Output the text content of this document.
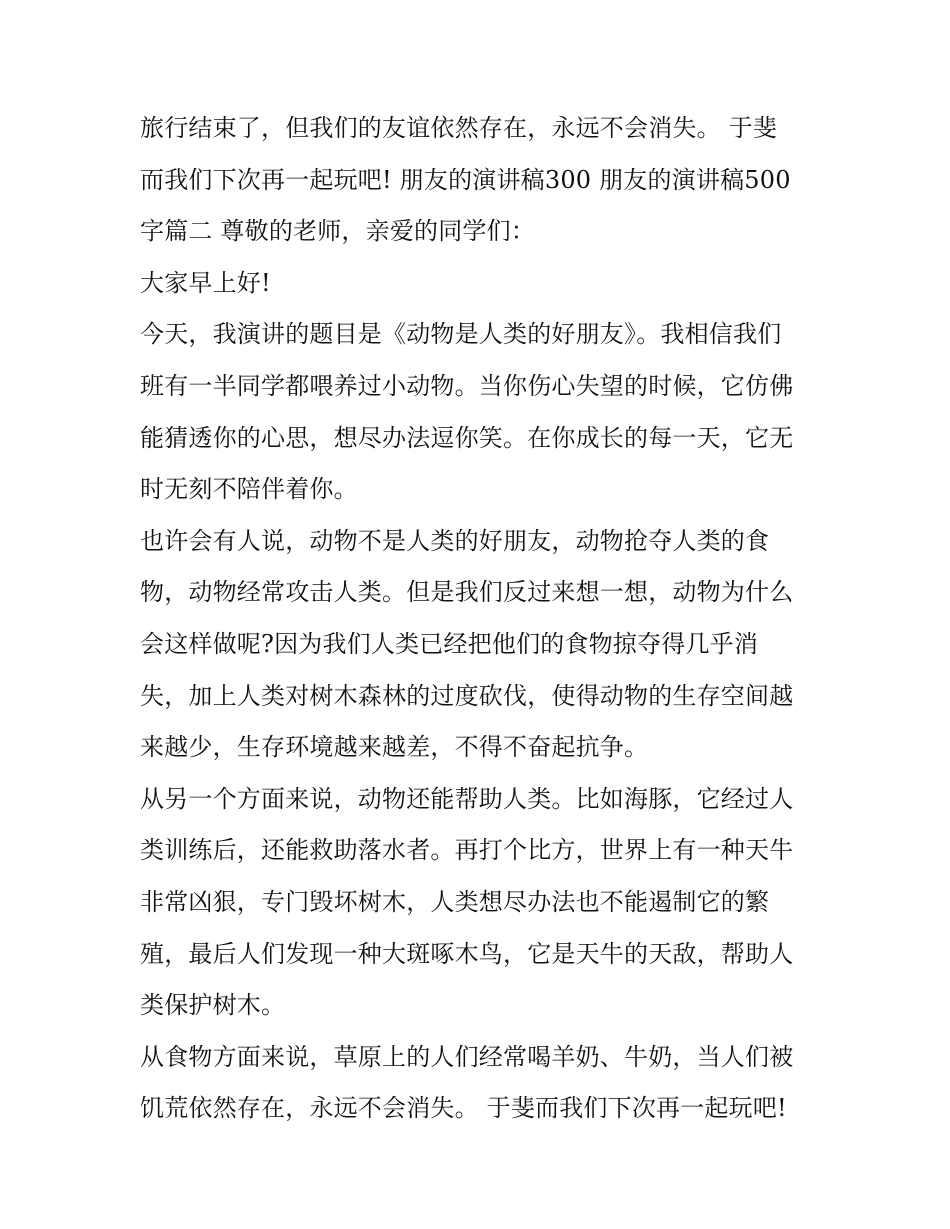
旅行结束了，但我们的友谊依然存在，永远不会消失。 于斐
而我们下次再一起玩吧! 朋友的演讲稿300 朋友的演讲稿500
字篇二 尊敬的老师，亲爱的同学们：
大家早上好!
今天，我演讲的题目是《动物是人类的好朋友》。我相信我们
班有一半同学都喂养过小动物。当你伤心失望的时候，它仿佛
能猜透你的心思，想尽办法逗你笑。在你成长的每一天，它无
时无刻不陪伴着你。
也许会有人说，动物不是人类的好朋友，动物抢夺人类的食
物，动物经常攻击人类。但是我们反过来想一想，动物为什么
会这样做呢?因为我们人类已经把他们的食物掠夺得几乎消
失，加上人类对树木森林的过度砍伐，使得动物的生存空间越
来越少，生存环境越来越差，不得不奋起抗争。
从另一个方面来说，动物还能帮助人类。比如海豚，它经过人
类训练后，还能救助落水者。再打个比方，世界上有一种天牛
非常凶狠，专门毁坏树木，人类想尽办法也不能遏制它的繁
殖，最后人们发现一种大斑啄木鸟，它是天牛的天敌，帮助人
类保护树木。
从食物方面来说，草原上的人们经常喝羊奶、牛奶，当人们被
饥荒依然存在，永远不会消失。 于斐而我们下次再一起玩吧!
